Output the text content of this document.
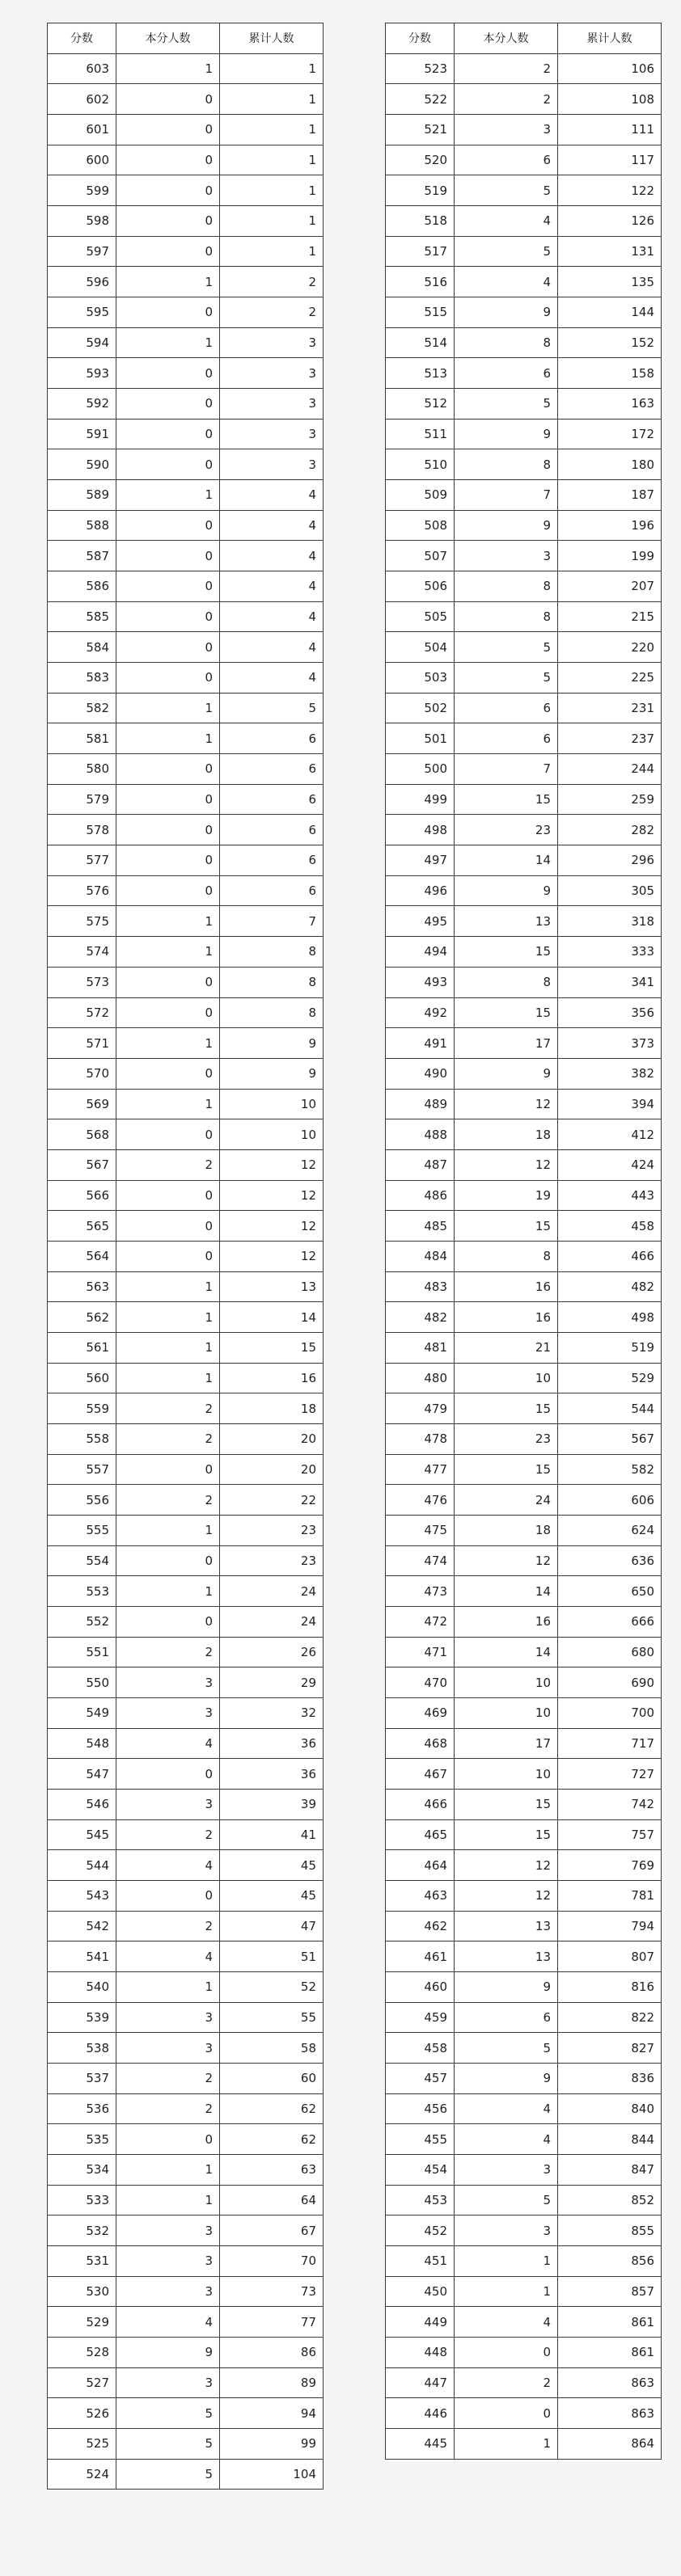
分数	本分人数	累计人数
603	1	1
602	0	1
601	0	1
600	0	1
599	0	1
598	0	1
597	0	1
596	1	2
595	0	2
594	1	3
593	0	3
592	0	3
591	0	3
590	0	3
589	1	4
588	0	4
587	0	4
586	0	4
585	0	4
584	0	4
583	0	4
582	1	5
581	1	6
580	0	6
579	0	6
578	0	6
577	0	6
576	0	6
575	1	7
574	1	8
573	0	8
572	0	8
571	1	9
570	0	9
569	1	10
568	0	10
567	2	12
566	0	12
565	0	12
564	0	12
563	1	13
562	1	14
561	1	15
560	1	16
559	2	18
558	2	20
557	0	20
556	2	22
555	1	23
554	0	23
553	1	24
552	0	24
551	2	26
550	3	29
549	3	32
548	4	36
547	0	36
546	3	39
545	2	41
544	4	45
543	0	45
542	2	47
541	4	51
540	1	52
539	3	55
538	3	58
537	2	60
536	2	62
535	0	62
534	1	63
533	1	64
532	3	67
531	3	70
530	3	73
529	4	77
528	9	86
527	3	89
526	5	94
525	5	99
524	5	104
分数	本分人数	累计人数
523	2	106
522	2	108
521	3	111
520	6	117
519	5	122
518	4	126
517	5	131
516	4	135
515	9	144
514	8	152
513	6	158
512	5	163
511	9	172
510	8	180
509	7	187
508	9	196
507	3	199
506	8	207
505	8	215
504	5	220
503	5	225
502	6	231
501	6	237
500	7	244
499	15	259
498	23	282
497	14	296
496	9	305
495	13	318
494	15	333
493	8	341
492	15	356
491	17	373
490	9	382
489	12	394
488	18	412
487	12	424
486	19	443
485	15	458
484	8	466
483	16	482
482	16	498
481	21	519
480	10	529
479	15	544
478	23	567
477	15	582
476	24	606
475	18	624
474	12	636
473	14	650
472	16	666
471	14	680
470	10	690
469	10	700
468	17	717
467	10	727
466	15	742
465	15	757
464	12	769
463	12	781
462	13	794
461	13	807
460	9	816
459	6	822
458	5	827
457	9	836
456	4	840
455	4	844
454	3	847
453	5	852
452	3	855
451	1	856
450	1	857
449	4	861
448	0	861
447	2	863
446	0	863
445	1	864
